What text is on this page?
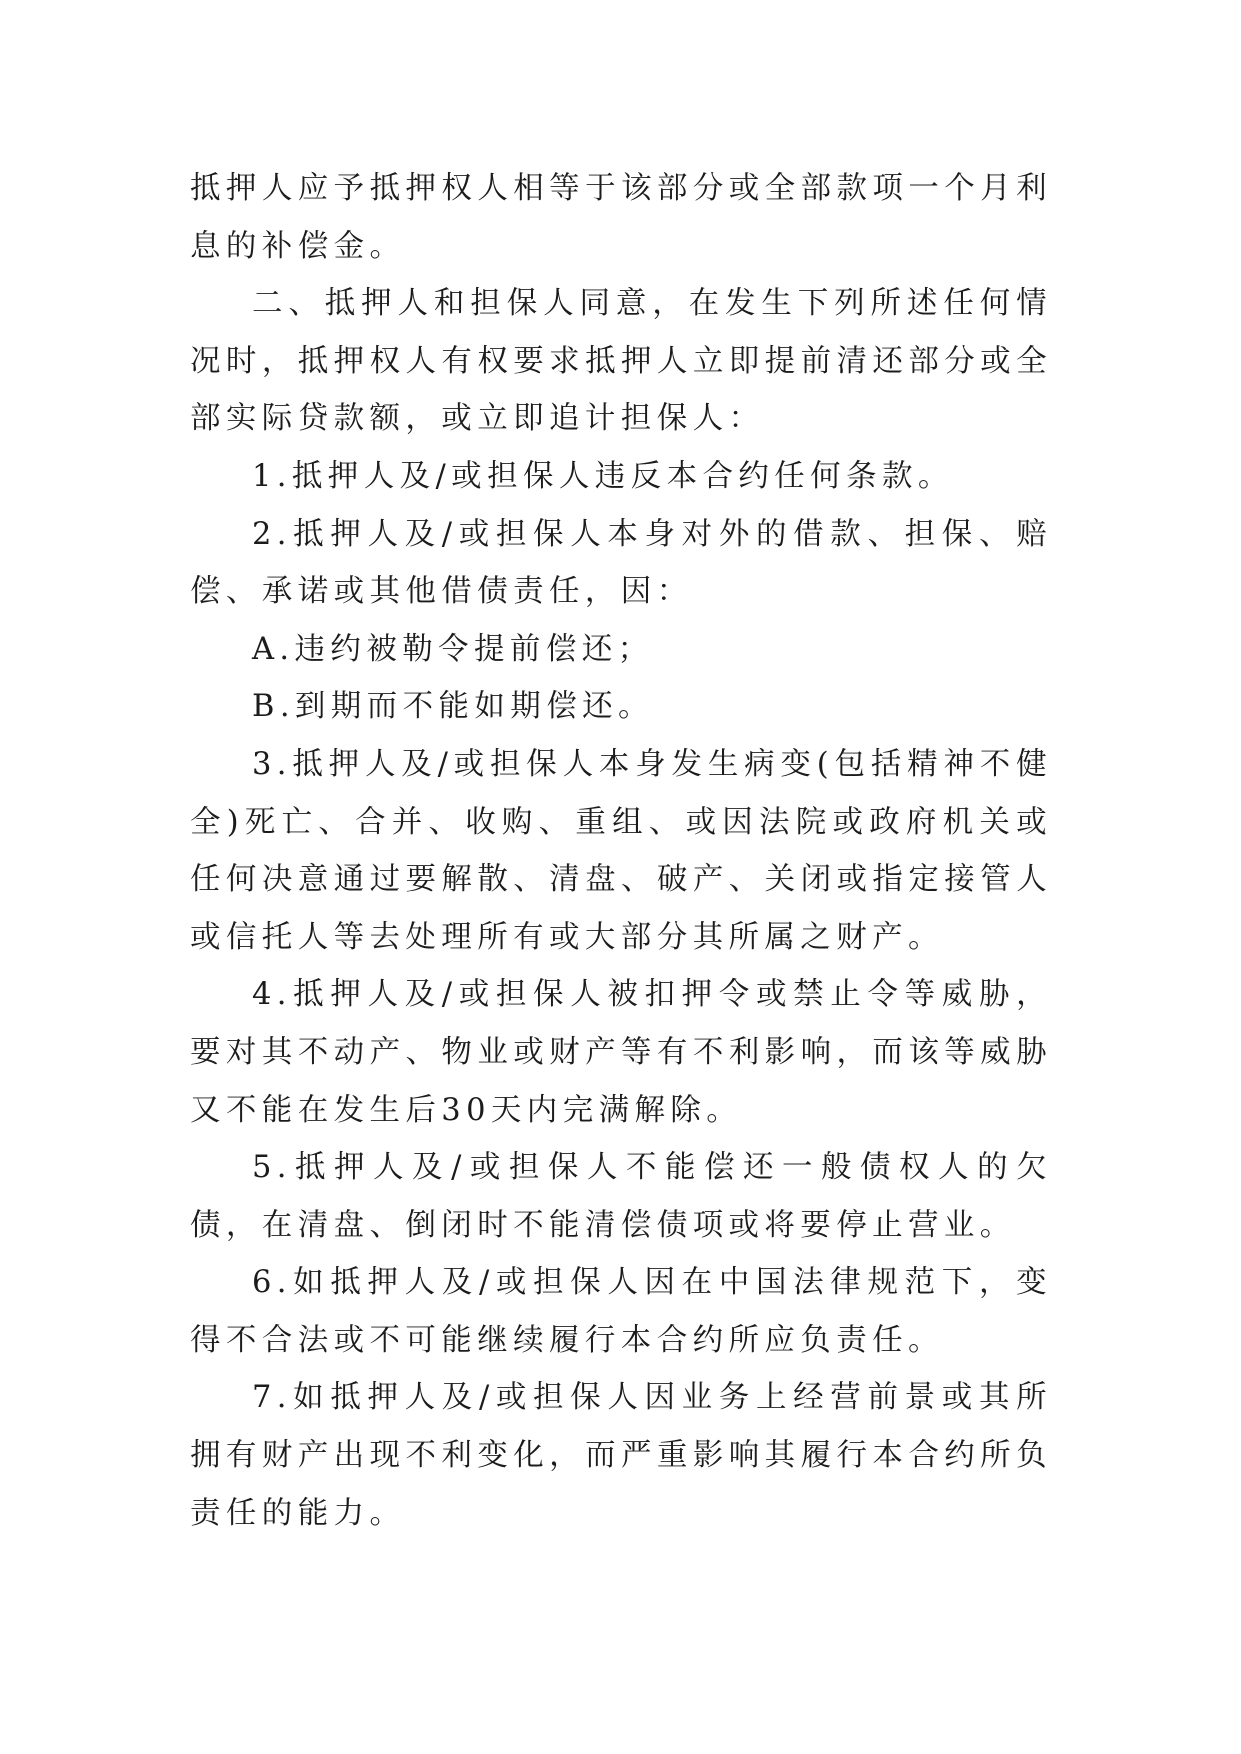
抵押人应予抵押权人相等于该部分或全部款项一个月利息的补偿金。

二、抵押人和担保人同意，在发生下列所述任何情况时，抵押权人有权要求抵押人立即提前清还部分或全部实际贷款额，或立即追计担保人：

1.抵押人及/或担保人违反本合约任何条款。

2.抵押人及/或担保人本身对外的借款、担保、赔偿、承诺或其他借债责任，因：

A.违约被勒令提前偿还；

B.到期而不能如期偿还。

3.抵押人及/或担保人本身发生病变(包括精神不健全)死亡、合并、收购、重组、或因法院或政府机关或任何决意通过要解散、清盘、破产、关闭或指定接管人或信托人等去处理所有或大部分其所属之财产。

4.抵押人及/或担保人被扣押令或禁止令等威胁，要对其不动产、物业或财产等有不利影响，而该等威胁又不能在发生后30天内完满解除。

5.抵押人及/或担保人不能偿还一般债权人的欠债，在清盘、倒闭时不能清偿债项或将要停止营业。

6.如抵押人及/或担保人因在中国法律规范下，变得不合法或不可能继续履行本合约所应负责任。

7.如抵押人及/或担保人因业务上经营前景或其所拥有财产出现不利变化，而严重影响其履行本合约所负责任的能力。
